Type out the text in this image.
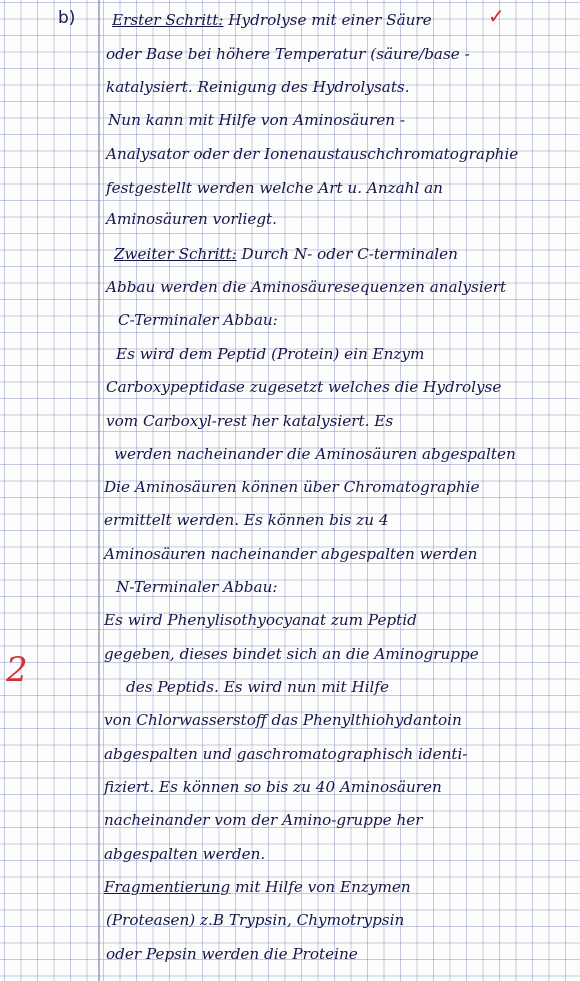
b)	✓
2
Erster Schritt: Hydrolyse mit einer Säure
oder Base bei höhere Temperatur (säure/base -
katalysiert. Reinigung des Hydrolysats.
Nun kann mit Hilfe von Aminosäuren -
Analysator oder der Ionenaustauschchromatographie
festgestellt werden welche Art u. Anzahl an
Aminosäuren vorliegt.
Zweiter Schritt: Durch N- oder C-terminalen
Abbau werden die Aminosäuresequenzen analysiert
C-Terminaler Abbau:
Es wird dem Peptid (Protein) ein Enzym
Carboxypeptidase zugesetzt welches die Hydrolyse
vom Carboxyl-rest her katalysiert. Es
werden nacheinander die Aminosäuren abgespalten
Die Aminosäuren können über Chromatographie
ermittelt werden. Es können bis zu 4
Aminosäuren nacheinander abgespalten werden
N-Terminaler Abbau:
Es wird Phenylisothyocyanat zum Peptid
gegeben, dieses bindet sich an die Aminogruppe
des Peptids. Es wird nun mit Hilfe
von Chlorwasserstoff das Phenylthiohydantoin
abgespalten und gaschromatographisch identi-
fiziert. Es können so bis zu 40 Aminosäuren
nacheinander vom der Amino-gruppe her
abgespalten werden.
Fragmentierung mit Hilfe von Enzymen
(Proteasen) z.B Trypsin, Chymotrypsin
oder Pepsin werden die Proteine
